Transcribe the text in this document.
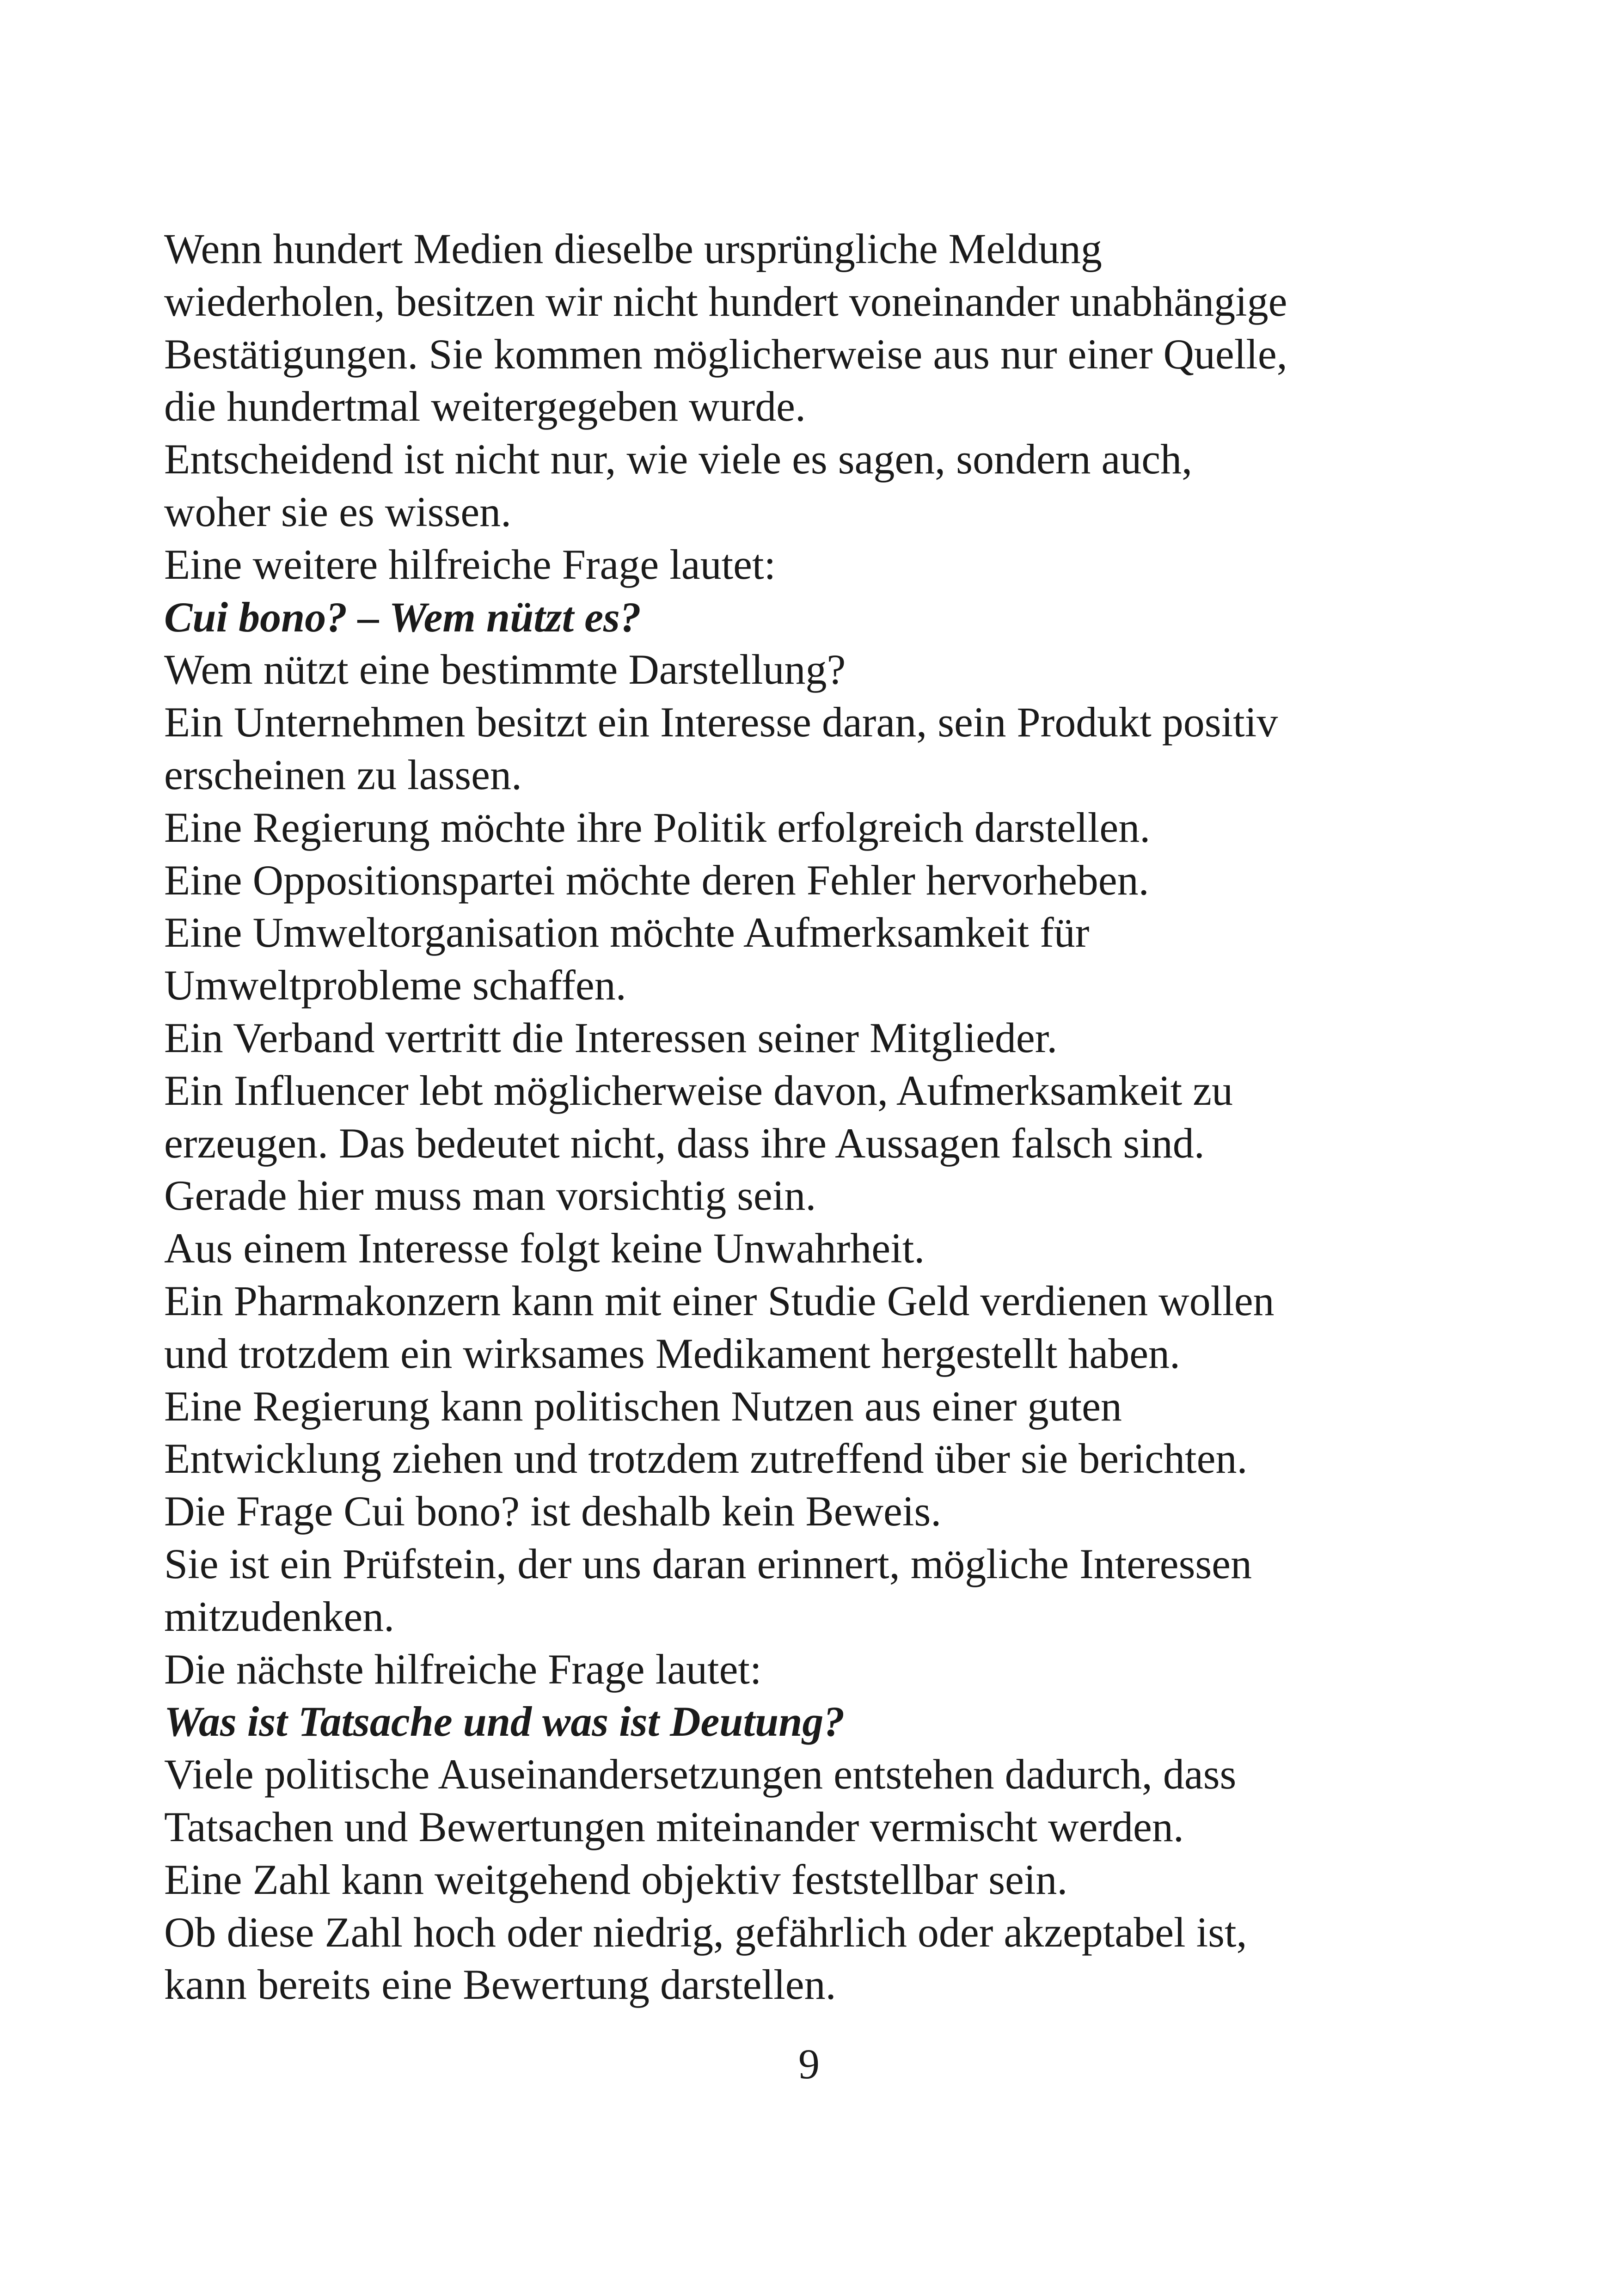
Wenn hundert Medien dieselbe ursprüngliche Meldung
wiederholen, besitzen wir nicht hundert voneinander unabhängige
Bestätigungen. Sie kommen möglicherweise aus nur einer Quelle,
die hundertmal weitergegeben wurde.
Entscheidend ist nicht nur, wie viele es sagen, sondern auch,
woher sie es wissen.
Eine weitere hilfreiche Frage lautet:
Cui bono? – Wem nützt es?
Wem nützt eine bestimmte Darstellung?
Ein Unternehmen besitzt ein Interesse daran, sein Produkt positiv
erscheinen zu lassen.
Eine Regierung möchte ihre Politik erfolgreich darstellen.
Eine Oppositionspartei möchte deren Fehler hervorheben.
Eine Umweltorganisation möchte Aufmerksamkeit für
Umweltprobleme schaffen.
Ein Verband vertritt die Interessen seiner Mitglieder.
Ein Influencer lebt möglicherweise davon, Aufmerksamkeit zu
erzeugen. Das bedeutet nicht, dass ihre Aussagen falsch sind.
Gerade hier muss man vorsichtig sein.
Aus einem Interesse folgt keine Unwahrheit.
Ein Pharmakonzern kann mit einer Studie Geld verdienen wollen
und trotzdem ein wirksames Medikament hergestellt haben.
Eine Regierung kann politischen Nutzen aus einer guten
Entwicklung ziehen und trotzdem zutreffend über sie berichten.
Die Frage Cui bono? ist deshalb kein Beweis.
Sie ist ein Prüfstein, der uns daran erinnert, mögliche Interessen
mitzudenken.
Die nächste hilfreiche Frage lautet:
Was ist Tatsache und was ist Deutung?
Viele politische Auseinandersetzungen entstehen dadurch, dass
Tatsachen und Bewertungen miteinander vermischt werden.
Eine Zahl kann weitgehend objektiv feststellbar sein.
Ob diese Zahl hoch oder niedrig, gefährlich oder akzeptabel ist,
kann bereits eine Bewertung darstellen.
9
